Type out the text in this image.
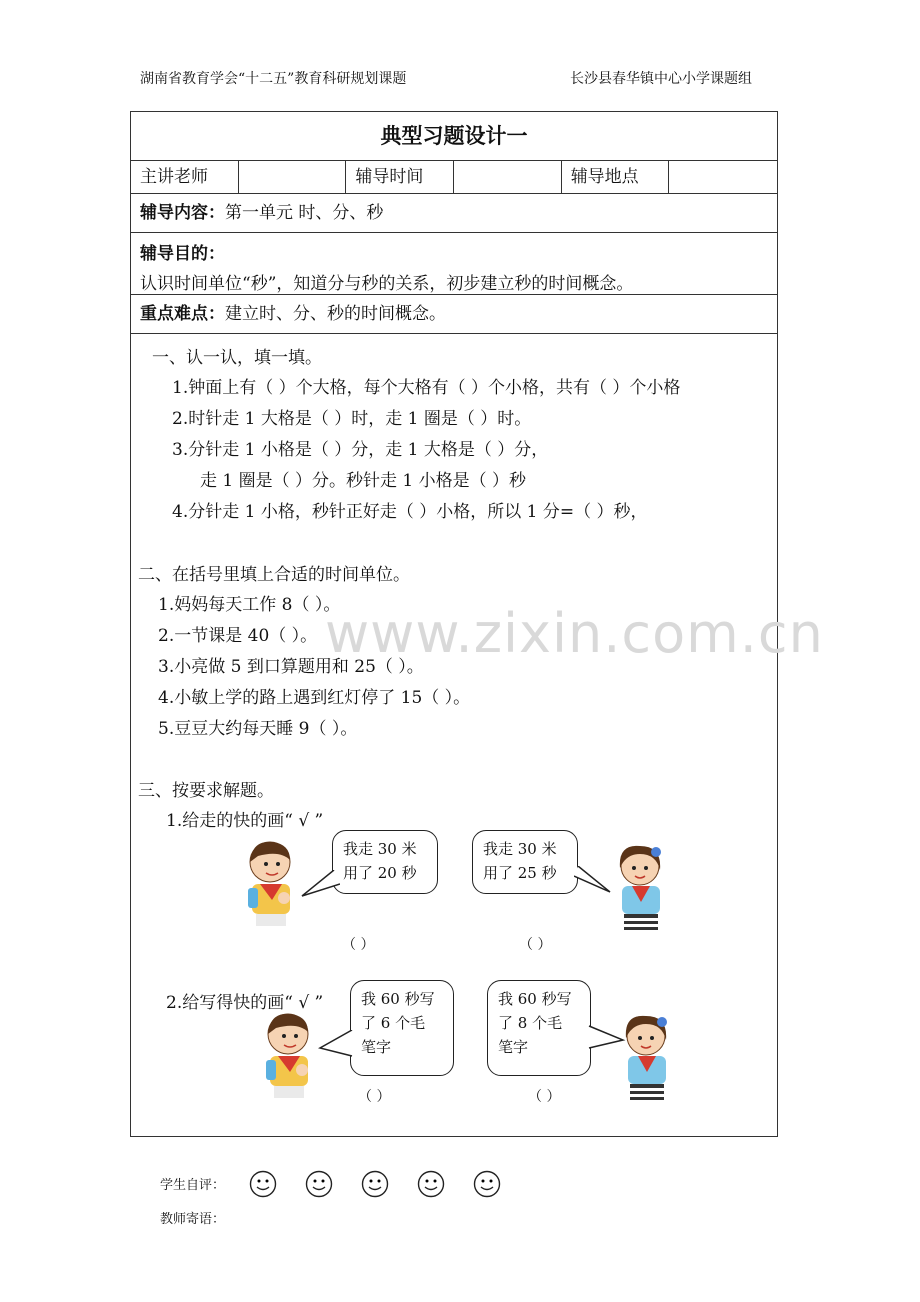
湖南省教育学会“十二五”教育科研规划课题	长沙县春华镇中心小学课题组
典型习题设计一
主讲老师	辅导时间	辅导地点
辅导内容：第一单元 时、分、秒
辅导目的：
认识时间单位“秒”，知道分与秒的关系，初步建立秒的时间概念。
重点难点：建立时、分、秒的时间概念。
一、认一认，填一填。
1.钟面上有（ ）个大格，每个大格有（ ）个小格，共有（ ）个小格
2.时针走 1 大格是（ ）时，走 1 圈是（ ）时。
3.分针走 1 小格是（ ）分，走 1 大格是（ ）分，
走 1 圈是（ ）分。秒针走 1 小格是（ ）秒
4.分针走 1 小格，秒针正好走（ ）小格，所以 1 分=（ ）秒，
二、在括号里填上合适的时间单位。
1.妈妈每天工作 8（ ）。
2.一节课是 40（ ）。
3.小亮做 5 到口算题用和 25（ ）。
4.小敏上学的路上遇到红灯停了 15（ ）。
5.豆豆大约每天睡 9（ ）。
www.zixin.com.cn
三、按要求解题。
1.给走的快的画“ √ ”
我走 30 米 用了 20 秒
我走 30 米 用了 25 秒
（ ）	（ ）
2.给写得快的画“ √ ”	我 60 秒写 了 6 个毛 笔字
我 60 秒写 了 8 个毛 笔字
（ ）	（ ）
学生自评：
教师寄语：
